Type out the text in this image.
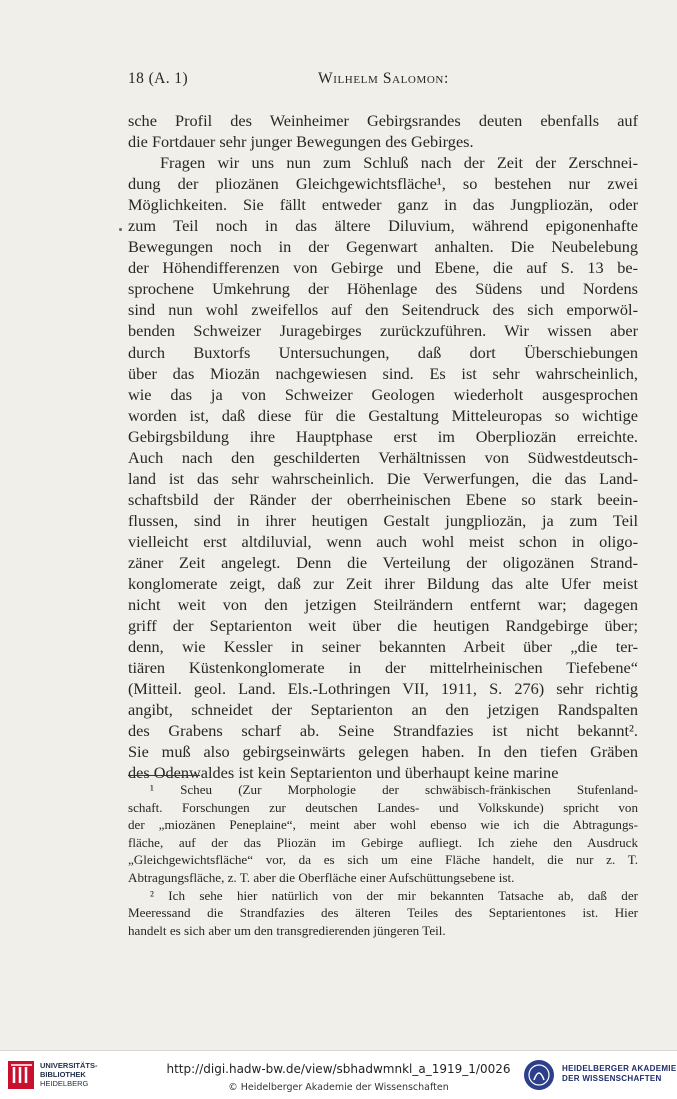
18 (A. 1)	Wilhelm Salomon:
sche Profil des Weinheimer Gebirgsrandes deuten ebenfalls auf
die Fortdauer sehr junger Bewegungen des Gebirges.
Fragen wir uns nun zum Schluß nach der Zeit der Zerschnei-
dung der pliozänen Gleichgewichtsfläche¹, so bestehen nur zwei
Möglichkeiten. Sie fällt entweder ganz in das Jungpliozän, oder
zum Teil noch in das ältere Diluvium, während epigonenhafte
Bewegungen noch in der Gegenwart anhalten. Die Neubelebung
der Höhendifferenzen von Gebirge und Ebene, die auf S. 13 be-
sprochene Umkehrung der Höhenlage des Südens und Nordens
sind nun wohl zweifellos auf den Seitendruck des sich emporwöl-
benden Schweizer Juragebirges zurückzuführen. Wir wissen aber
durch Buxtorfs Untersuchungen, daß dort Überschiebungen
über das Miozän nachgewiesen sind. Es ist sehr wahrscheinlich,
wie das ja von Schweizer Geologen wiederholt ausgesprochen
worden ist, daß diese für die Gestaltung Mitteleuropas so wichtige
Gebirgsbildung ihre Hauptphase erst im Oberpliozän erreichte.
Auch nach den geschilderten Verhältnissen von Südwestdeutsch-
land ist das sehr wahrscheinlich. Die Verwerfungen, die das Land-
schaftsbild der Ränder der oberrheinischen Ebene so stark beein-
flussen, sind in ihrer heutigen Gestalt jungpliozän, ja zum Teil
vielleicht erst altdiluvial, wenn auch wohl meist schon in oligo-
zäner Zeit angelegt. Denn die Verteilung der oligozänen Strand-
konglomerate zeigt, daß zur Zeit ihrer Bildung das alte Ufer meist
nicht weit von den jetzigen Steilrändern entfernt war; dagegen
griff der Septarienton weit über die heutigen Randgebirge über;
denn, wie Kessler in seiner bekannten Arbeit über „die ter-
tiären Küstenkonglomerate in der mittelrheinischen Tiefebene“
(Mitteil. geol. Land. Els.-Lothringen VII, 1911, S. 276) sehr richtig
angibt, schneidet der Septarienton an den jetzigen Randspalten
des Grabens scharf ab. Seine Strandfazies ist nicht bekannt².
Sie muß also gebirgseinwärts gelegen haben. In den tiefen Gräben
des Odenwaldes ist kein Septarienton und überhaupt keine marine
¹ Scheu (Zur Morphologie der schwäbisch-fränkischen Stufenland-
schaft. Forschungen zur deutschen Landes- und Volkskunde) spricht von
der „miozänen Peneplaine“, meint aber wohl ebenso wie ich die Abtragungs-
fläche, auf der das Pliozän im Gebirge aufliegt. Ich ziehe den Ausdruck
„Gleichgewichtsfläche“ vor, da es sich um eine Fläche handelt, die nur z. T.
Abtragungsfläche, z. T. aber die Oberfläche einer Aufschüttungsebene ist.
² Ich sehe hier natürlich von der mir bekannten Tatsache ab, daß der
Meeressand die Strandfazies des älteren Teiles des Septarientones ist. Hier
handelt es sich aber um den transgredierenden jüngeren Teil.
UNIVERSITÄTS-
BIBLIOTHEK
HEIDELBERG
http://digi.hadw-bw.de/view/sbhadwmnkl_a_1919_1/0026
© Heidelberger Akademie der Wissenschaften
HEIDELBERGER AKADEMIE
DER WISSENSCHAFTEN
